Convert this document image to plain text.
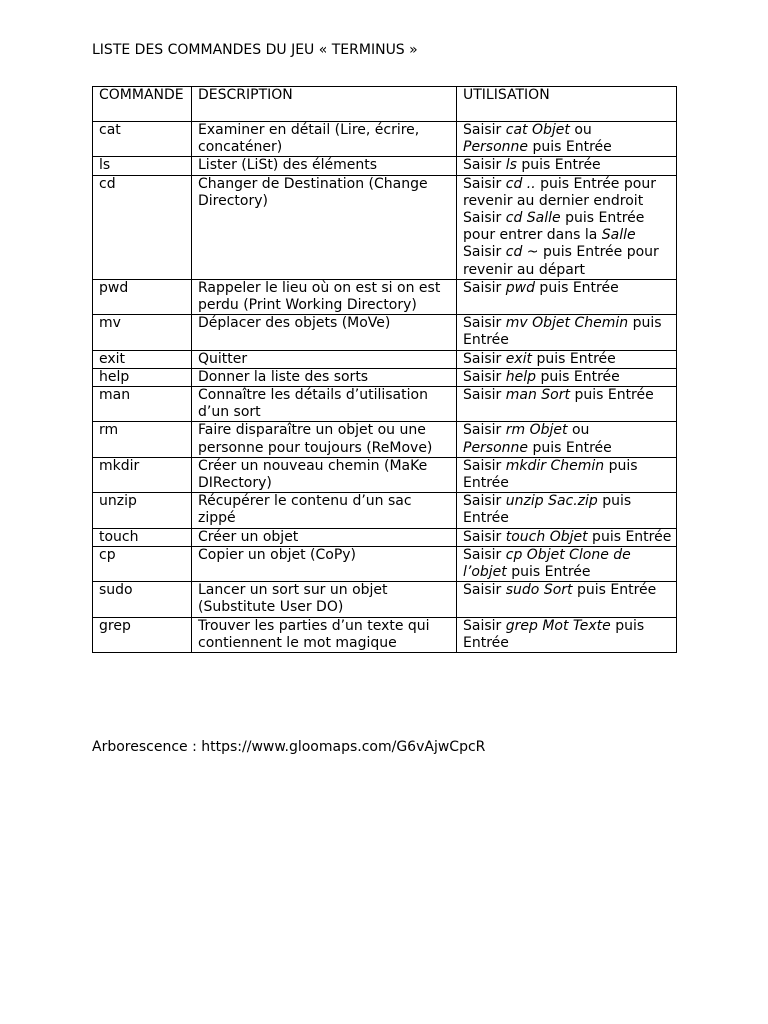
LISTE DES COMMANDES DU JEU « TERMINUS »
COMMANDE	DESCRIPTION	UTILISATION
cat	Examiner en détail (Lire, écrire, concaténer)	Saisir cat Objet ou
Personne puis Entrée
ls	Lister (LiSt) des éléments	Saisir ls puis Entrée
cd	Changer de Destination (Change Directory)	Saisir cd .. puis Entrée pour revenir au dernier endroit
Saisir cd Salle puis Entrée pour entrer dans la Salle
Saisir cd ~ puis Entrée pour revenir au départ
pwd	Rappeler le lieu où on est si on est perdu (Print Working Directory)	Saisir pwd puis Entrée
mv	Déplacer des objets (MoVe)	Saisir mv Objet Chemin puis Entrée
exit	Quitter	Saisir exit puis Entrée
help	Donner la liste des sorts	Saisir help puis Entrée
man	Connaître les détails d’utilisation d’un sort	Saisir man Sort puis Entrée
rm	Faire disparaître un objet ou une personne pour toujours (ReMove)	Saisir rm Objet ou
Personne puis Entrée
mkdir	Créer un nouveau chemin (MaKe DIRectory)	Saisir mkdir Chemin puis Entrée
unzip	Récupérer le contenu d’un sac zippé	Saisir unzip Sac.zip puis Entrée
touch	Créer un objet	Saisir touch Objet puis Entrée
cp	Copier un objet (CoPy)	Saisir cp Objet Clone de l’objet puis Entrée
sudo	Lancer un sort sur un objet (Substitute User DO)	Saisir sudo Sort puis Entrée
grep	Trouver les parties d’un texte qui contiennent le mot magique	Saisir grep Mot Texte puis Entrée
Arborescence : https://www.gloomaps.com/G6vAjwCpcR
